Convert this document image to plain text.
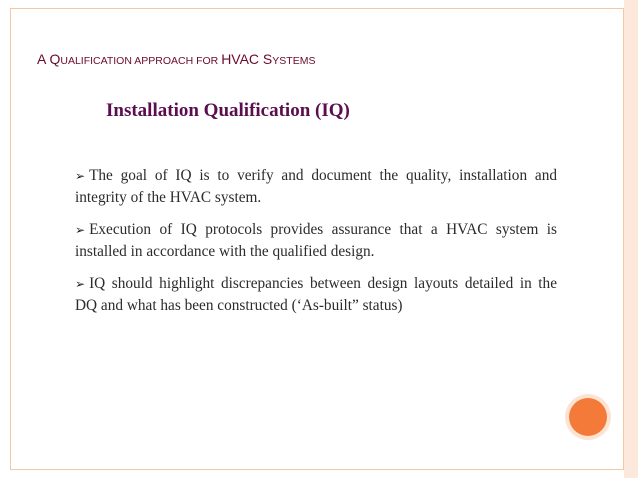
A QUALIFICATION APPROACH FOR HVAC SYSTEMS
Installation Qualification (IQ)

➢ The goal of IQ is to verify and document the quality, installation and integrity of the HVAC system.

➢ Execution of IQ protocols provides assurance that a HVAC system is installed in accordance with the qualified design.

➢ IQ should highlight discrepancies between design layouts detailed in the DQ and what has been constructed (‘As-built” status)
